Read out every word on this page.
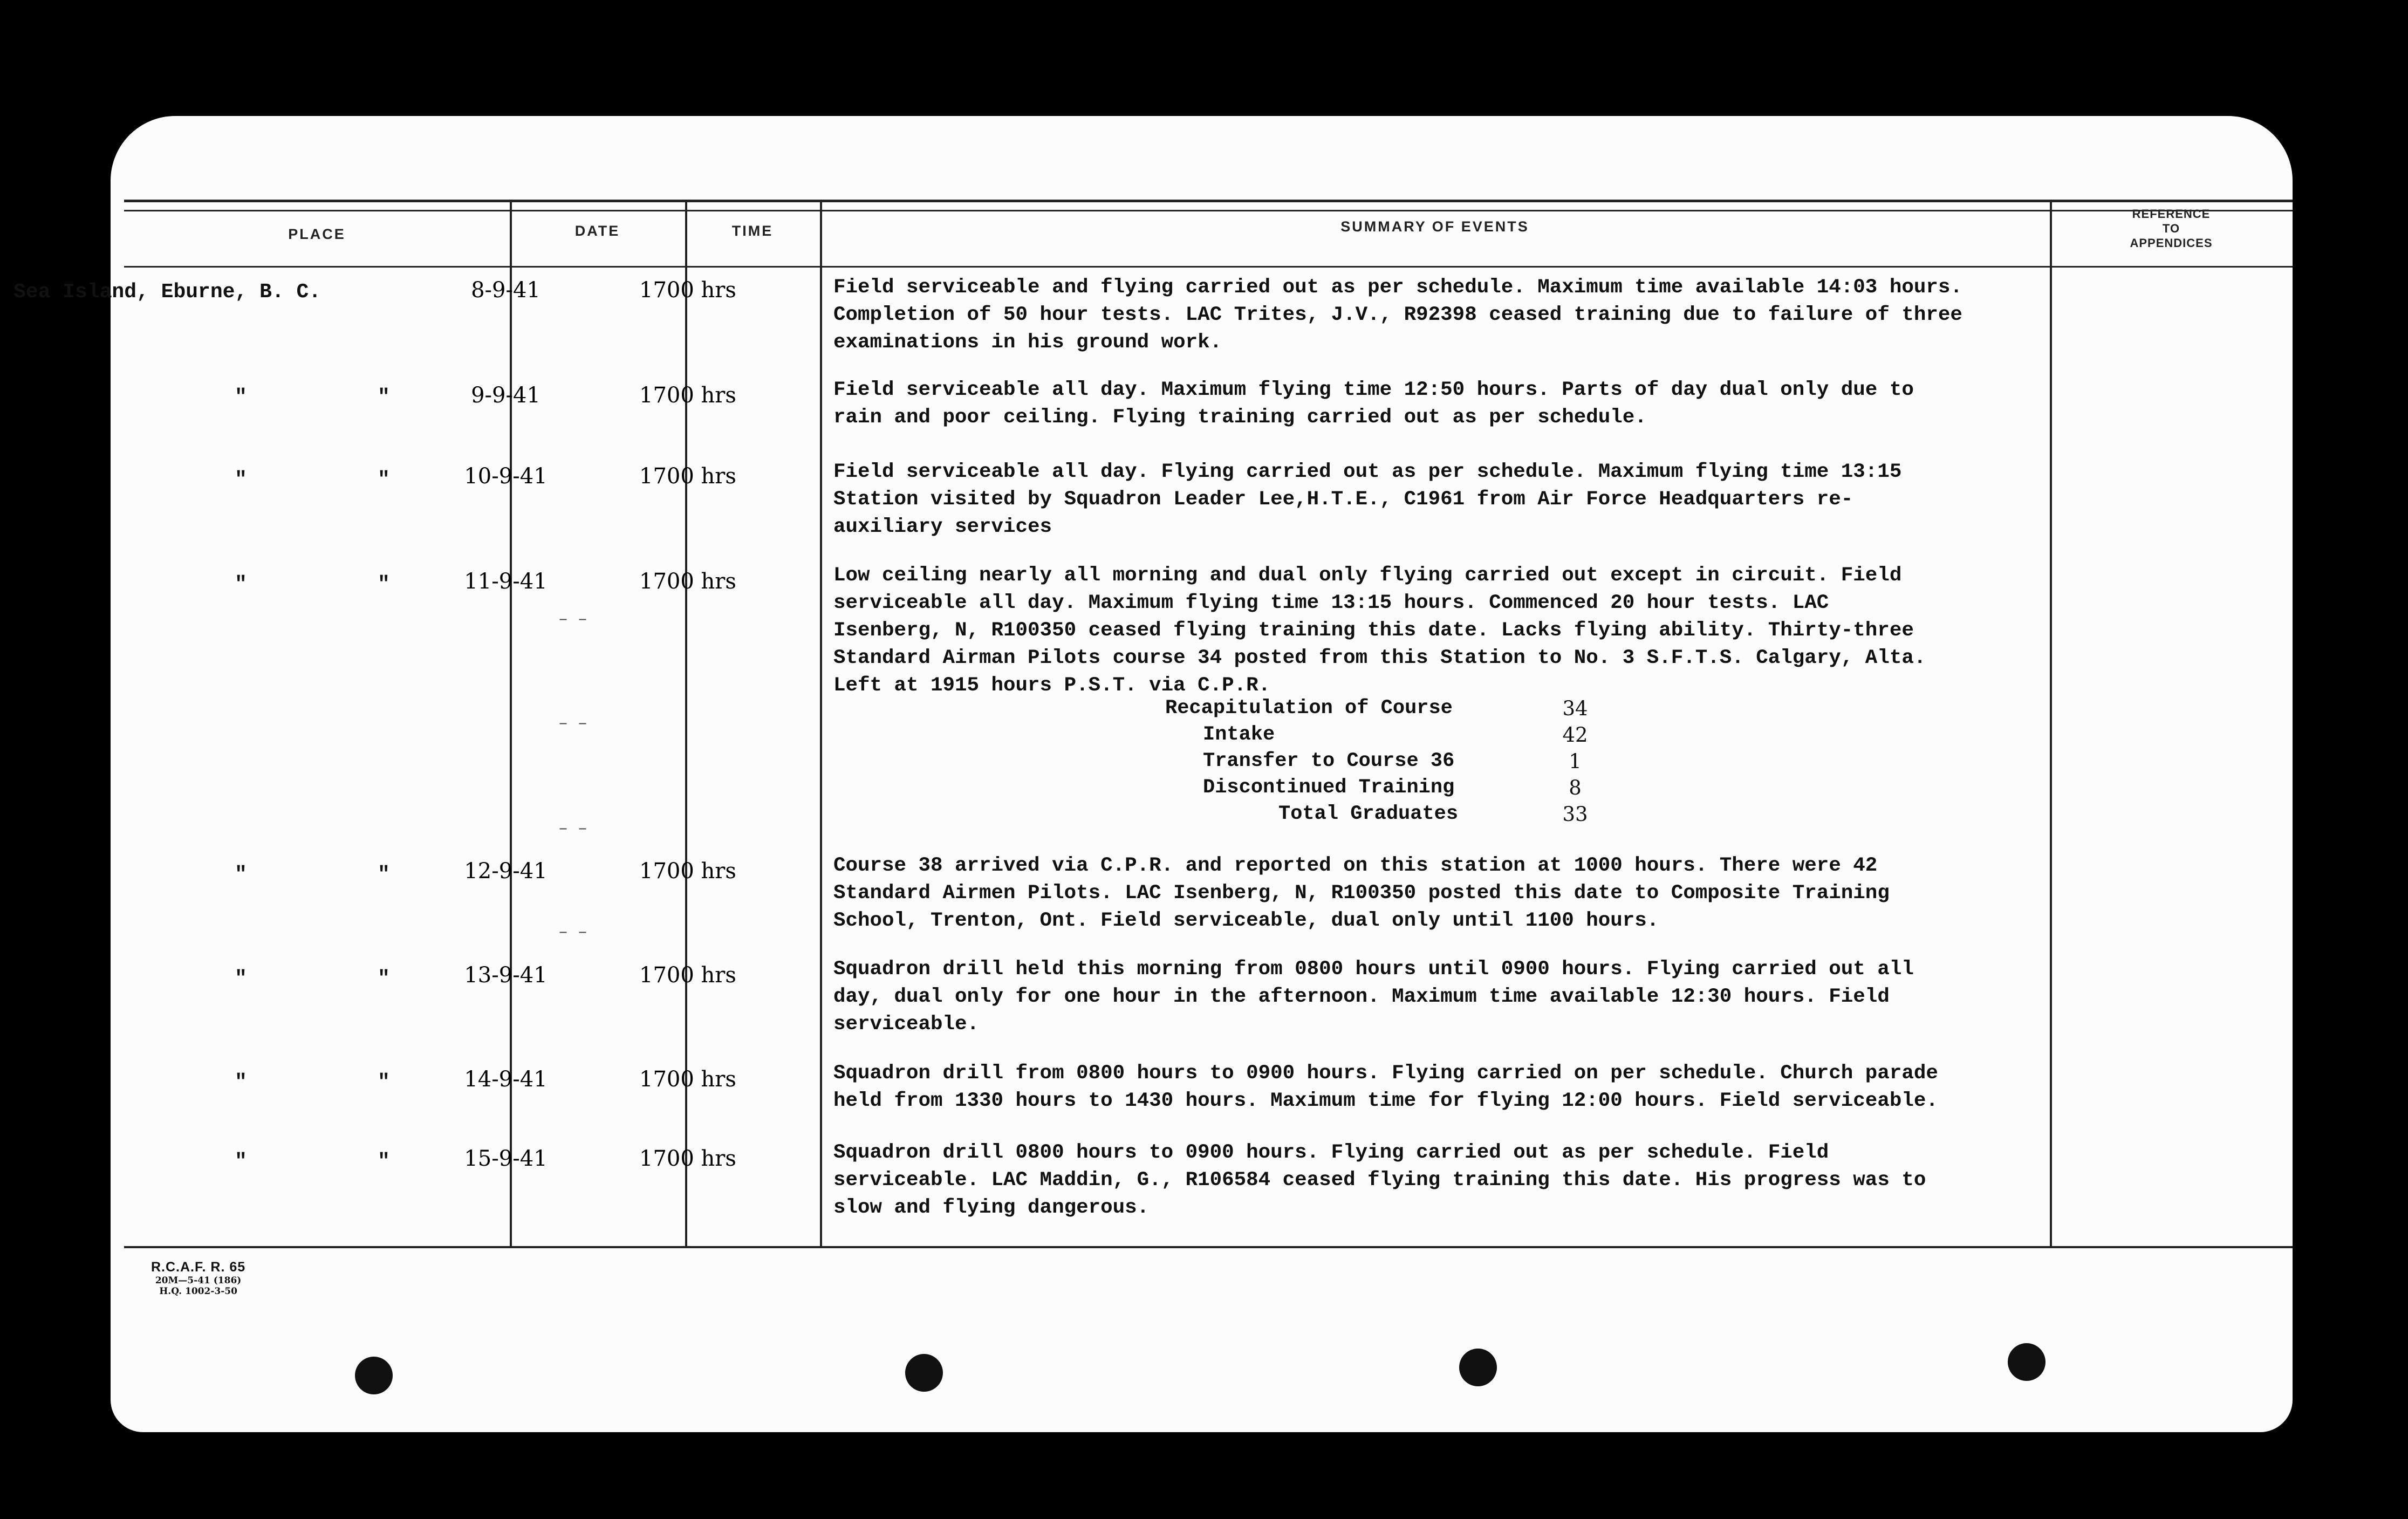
PLACE	DATE	TIME	SUMMARY OF EVENTS
REFERENCE
TO
APPENDICES
Sea Island, Eburne, B. C.	8-9-41	1700 hrs	Field serviceable and flying carried out as per schedule. Maximum time available 14:03 hours.
Completion of 50 hour tests. LAC Trites, J.V., R92398 ceased training due to failure of three
examinations in his ground work.
"	"	9-9-41	1700 hrs	Field serviceable all day. Maximum flying time 12:50 hours. Parts of day dual only due to
rain and poor ceiling. Flying training carried out as per schedule.
"	"	10-9-41	1700 hrs	Field serviceable all day. Flying carried out as per schedule. Maximum flying time 13:15
Station visited by Squadron Leader Lee,H.T.E., C1961 from Air Force Headquarters re-
auxiliary services
"	"	11-9-41	1700 hrs	Low ceiling nearly all morning and dual only flying carried out except in circuit. Field
serviceable all day. Maximum flying time 13:15 hours. Commenced 20 hour tests. LAC
Isenberg, N, R100350 ceased flying training this date. Lacks flying ability. Thirty-three
Standard Airman Pilots course 34 posted from this Station to No. 3 S.F.T.S. Calgary, Alta.
Left at 1915 hours P.S.T. via C.P.R.
– –
– –
– –
– –
Recapitulation of Course	34
Intake	42
Transfer to Course 36	1
Discontinued Training	8
Total Graduates	33
"	"	12-9-41	1700 hrs	Course 38 arrived via C.P.R. and reported on this station at 1000 hours. There were 42
Standard Airmen Pilots. LAC Isenberg, N, R100350 posted this date to Composite Training
School, Trenton, Ont. Field serviceable, dual only until 1100 hours.
"	"	13-9-41	1700 hrs	Squadron drill held this morning from 0800 hours until 0900 hours. Flying carried out all
day, dual only for one hour in the afternoon. Maximum time available 12:30 hours. Field
serviceable.
"	"	14-9-41	1700 hrs	Squadron drill from 0800 hours to 0900 hours. Flying carried on per schedule. Church parade
held from 1330 hours to 1430 hours. Maximum time for flying 12:00 hours. Field serviceable.
"	"	15-9-41	1700 hrs	Squadron drill 0800 hours to 0900 hours. Flying carried out as per schedule. Field
serviceable. LAC Maddin, G., R106584 ceased flying training this date. His progress was to
slow and flying dangerous.
R.C.A.F. R. 65
20M—5-41 (186)
H.Q. 1002-3-50
